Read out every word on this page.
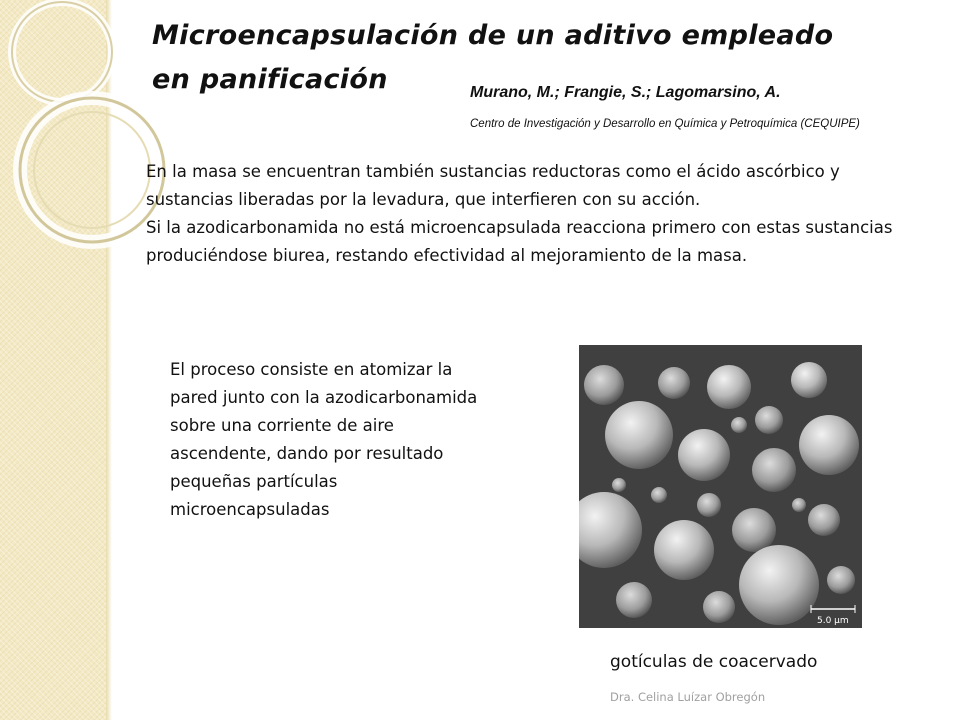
Microencapsulación de un aditivo empleado
en panificación	Murano, M.; Frangie, S.; Lagomarsino, A.
Centro de Investigación y Desarrollo en Química y Petroquímica (CEQUIPE)

En la masa se encuentran también sustancias reductoras como el ácido ascórbico y sustancias liberadas por la levadura, que interfieren con su acción.

Si la azodicarbonamida no está microencapsulada reacciona primero con estas sustancias produciéndose biurea, restando efectividad al mejoramiento de la masa.

El proceso consiste en atomizar la pared junto con la azodicarbonamida sobre una corriente de aire ascendente, dando por resultado pequeñas partículas microencapsuladas
5.0 µm
gotículas de coacervado
Dra. Celina Luízar Obregón
